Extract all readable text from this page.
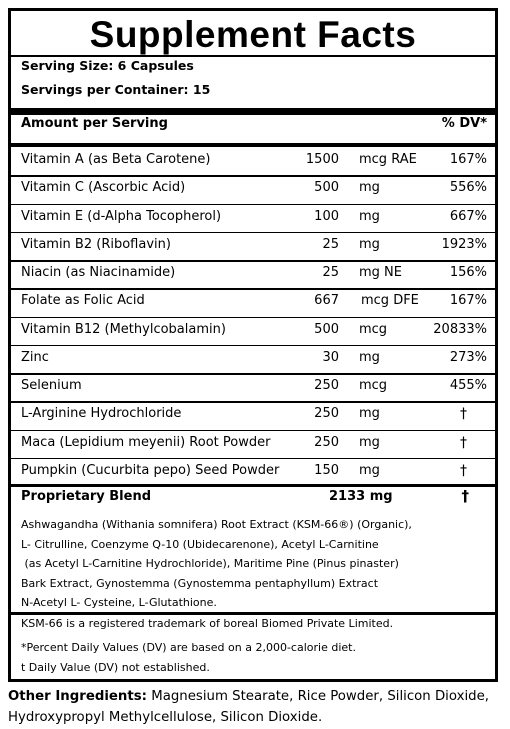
Supplement Facts
Serving Size: 6 Capsules
Servings per Container: 15
Amount per Serving	% DV*
Vitamin A (as Beta Carotene)	1500 mcg RAE	167%
Vitamin C (Ascorbic Acid)	500 mg	556%
Vitamin E (d-Alpha Tocopherol)	100 mg	667%
Vitamin B2 (Riboflavin)	25 mg	1923%
Niacin (as Niacinamide)	25 mg NE	156%
Folate as Folic Acid	667 mcg DFE 167%
Vitamin B12 (Methylcobalamin)	500 mcg	20833%
Zinc	30 mg	273%
Selenium	250 mcg	455%
L-Arginine Hydrochloride	250 mg	†
Maca (Lepidium meyenii) Root Powder	250 mg	†
Pumpkin (Cucurbita pepo) Seed Powder	150 mg	†
Proprietary Blend	2133 mg	†
Ashwagandha (Withania somnifera) Root Extract (KSM-66®) (Organic),
L- Citrulline, Coenzyme Q-10 (Ubidecarenone), Acetyl L-Carnitine
(as Acetyl L-Carnitine Hydrochloride), Maritime Pine (Pinus pinaster)
Bark Extract, Gynostemma (Gynostemma pentaphyllum) Extract
N-Acetyl L- Cysteine, L-Glutathione.
KSM-66 is a registered trademark of boreal Biomed Private Limited.
*Percent Daily Values (DV) are based on a 2,000-calorie diet.
t Daily Value (DV) not established.
Other Ingredients: Magnesium Stearate, Rice Powder, Silicon Dioxide, Hydroxypropyl Methylcellulose, Silicon Dioxide.
